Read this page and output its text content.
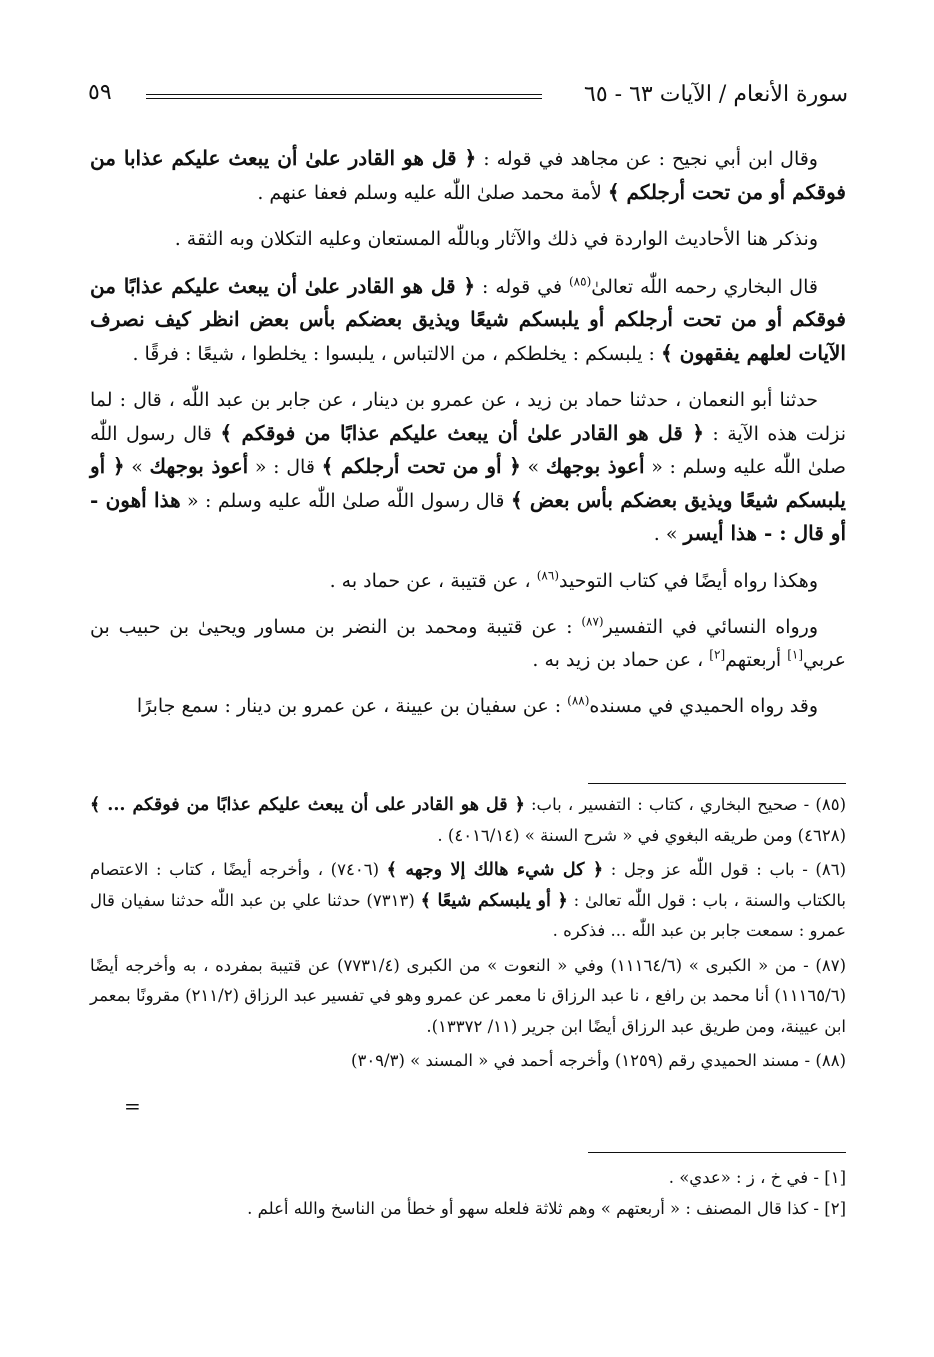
سورة الأنعام / الآيات ٦٣ - ٦٥
٥٩

وقال ابن أبي نجيح : عن مجاهد في قوله : ﴿ قل هو القادر علىٰ أن يبعث عليكم عذابا من فوقكم أو من تحت أرجلكم ﴾ لأمة محمد صلىٰ اللّٰه عليه وسلم فعفا عنهم .

ونذكر هنا الأحاديث الواردة في ذلك والآثار وباللّٰه المستعان وعليه التكلان وبه الثقة .

قال البخاري رحمه اللّٰه تعالىٰ$^{(٨٥)}$ في قوله : ﴿ قل هو القادر علىٰ أن يبعث عليكم عذابًا من فوقكم أو من تحت أرجلكم أو يلبسكم شيعًا ويذيق بعضكم بأس بعض انظر كيف نصرف الآيات لعلهم يفقهون ﴾ : يلبسكم : يخلطكم ، من الالتباس ، يلبسوا : يخلطوا ، شيعًا : فرقًا .

حدثنا أبو النعمان ، حدثنا حماد بن زيد ، عن عمرو بن دينار ، عن جابر بن عبد اللّٰه ، قال : لما نزلت هذه الآية : ﴿ قل هو القادر علىٰ أن يبعث عليكم عذابًا من فوقكم ﴾ قال رسول اللّٰه صلىٰ اللّٰه عليه وسلم : « أعوذ بوجهك » ﴿ أو من تحت أرجلكم ﴾ قال : « أعوذ بوجهك » ﴿ أو يلبسكم شيعًا ويذيق بعضكم بأس بعض ﴾ قال رسول اللّٰه صلىٰ اللّٰه عليه وسلم : « هذا أهون - أو قال : - هذا أيسر » .

وهكذا رواه أيضًا في كتاب التوحيد$^{(٨٦)}$ ، عن قتيبة ، عن حماد به .

ورواه النسائي في التفسير$^{(٨٧)}$ : عن قتيبة ومحمد بن النضر بن مساور ويحيىٰ بن حبيب بن عربي[١] أربعتهم[٢] ، عن حماد بن زيد به .

وقد رواه الحميدي في مسنده$^{(٨٨)}$ : عن سفيان بن عيينة ، عن عمرو بن دينار : سمع جابرًا

(٨٥) - صحيح البخاري ، كتاب : التفسير ، باب: ﴿ قل هو القادر على أن يبعث عليكم عذابًا من فوقكم ... ﴾ (٤٦٢٨) ومن طريقه البغوي في « شرح السنة » (٤٠١٦/١٤) .

(٨٦) - باب : قول اللّٰه عز وجل : ﴿ كل شيء هالك إلا وجهه ﴾ (٧٤٠٦) ، وأخرجه أيضًا ، كتاب : الاعتصام بالكتاب والسنة ، باب : قول اللّٰه تعالىٰ : ﴿ أو يلبسكم شيعًا ﴾ (٧٣١٣) حدثنا علي بن عبد اللّٰه حدثنا سفيان قال عمرو : سمعت جابر بن عبد اللّٰه ... فذكره .

(٨٧) - من « الكبرى » (١١١٦٤/٦) وفي « النعوت » من الكبرى (٧٧٣١/٤) عن قتيبة بمفرده ، به وأخرجه أيضًا (١١١٦٥/٦) أنا محمد بن رافع ، نا عبد الرزاق نا معمر عن عمرو وهو في تفسير عبد الرزاق (٢١١/٢) مقرونًا بمعمر ابن عيينة، ومن طريق عبد الرزاق أيضًا ابن جرير (١١/ ١٣٣٧٢).

(٨٨) - مسند الحميدي رقم (١٢٥٩) وأخرجه أحمد في « المسند » (٣٠٩/٣)

=

[١] - في خ ، ز : «عدي» .

[٢] - كذا قال المصنف : « أربعتهم » وهم ثلاثة فلعله سهو أو خطأ من الناسخ والله أعلم .
